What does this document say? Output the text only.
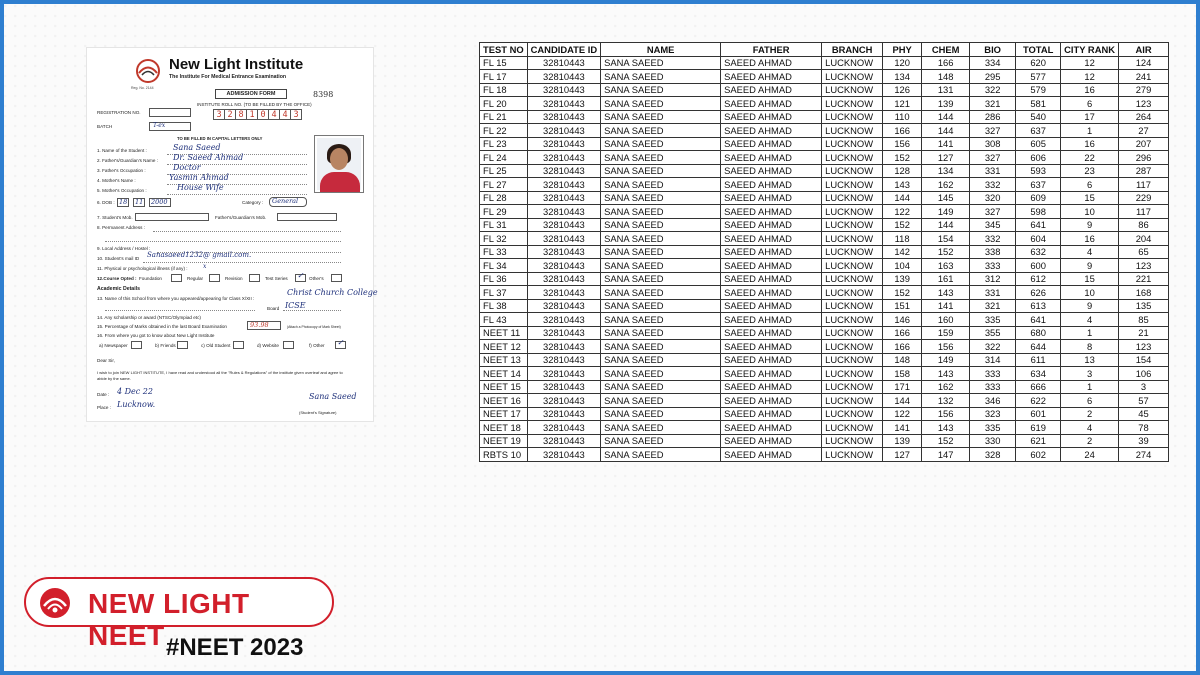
Reg. No. 2144
New Light Institute
The Institute For Medical Entrance Examination
8398
ADMISSION FORM
REGISTRATION NO.
INSTITUTE ROLL NO. (TO BE FILLED BY THE OFFICE)
3 2 8 1 0 4 4 3
BATCH	T-ex
TO BE FILLED IN CAPITAL LETTERS ONLY
1. Name of the Student :	Sana Saeed
2. Father's/Guardian's Name : Dr. Saeed Ahmad
3. Father's Occupation :	Doctor
4. Mother's Name :	Yasmin Ahmad
5. Mother's Occupation :	House Wife
6. DOB : 18 11 2000	Category : General
7. Student's Mob.	Father's/Guardian's Mob.
8. Permanent Address :
9. Local Address / Hostel :
10. Student's mail ID Sanasaeed1232@ gmail.com.
11. Physical or psychological illness (if any) :	x
12.Course Opted : Foundation	Regular	Revision	Test Series ✓ Other's
Academic Details
13. Name of this School from where you appeared/appearing for Class X/XII :
Christ Church College
Board ICSE
14. Any scholarship or award (NTSC/Olympiad etc)
15. Percentage of Marks obtained in the last Board Examination	93.98	(Attach a Photocopy of Mark Sheet)
16. From where you got to know about New Light Institute
a) Newspaper	b) Friends	c) Old Student	d) Website	f) Other ✓
Dear Sir,
I wish to join NEW LIGHT INSTITUTE, I have read and understood all the "Rules & Regulations" of the institute given overleaf and agree to abide by the same.
Date : 4 Dec 22
Place : Lucknow.
Sana Saeed
(Student's Signature)
TEST NO	CANDIDATE ID	NAME	FATHER	BRANCH	PHY	CHEM	BIO	TOTAL	CITY RANK	AIR
FL 15	32810443	SANA SAEED	SAEED AHMAD	LUCKNOW	120	166	334	620	12	124
FL 17	32810443	SANA SAEED	SAEED AHMAD	LUCKNOW	134	148	295	577	12	241
FL 18	32810443	SANA SAEED	SAEED AHMAD	LUCKNOW	126	131	322	579	16	279
FL 20	32810443	SANA SAEED	SAEED AHMAD	LUCKNOW	121	139	321	581	6	123
FL 21	32810443	SANA SAEED	SAEED AHMAD	LUCKNOW	110	144	286	540	17	264
FL 22	32810443	SANA SAEED	SAEED AHMAD	LUCKNOW	166	144	327	637	1	27
FL 23	32810443	SANA SAEED	SAEED AHMAD	LUCKNOW	156	141	308	605	16	207
FL 24	32810443	SANA SAEED	SAEED AHMAD	LUCKNOW	152	127	327	606	22	296
FL 25	32810443	SANA SAEED	SAEED AHMAD	LUCKNOW	128	134	331	593	23	287
FL 27	32810443	SANA SAEED	SAEED AHMAD	LUCKNOW	143	162	332	637	6	117
FL 28	32810443	SANA SAEED	SAEED AHMAD	LUCKNOW	144	145	320	609	15	229
FL 29	32810443	SANA SAEED	SAEED AHMAD	LUCKNOW	122	149	327	598	10	117
FL 31	32810443	SANA SAEED	SAEED AHMAD	LUCKNOW	152	144	345	641	9	86
FL 32	32810443	SANA SAEED	SAEED AHMAD	LUCKNOW	118	154	332	604	16	204
FL 33	32810443	SANA SAEED	SAEED AHMAD	LUCKNOW	142	152	338	632	4	65
FL 34	32810443	SANA SAEED	SAEED AHMAD	LUCKNOW	104	163	333	600	9	123
FL 36	32810443	SANA SAEED	SAEED AHMAD	LUCKNOW	139	161	312	612	15	221
FL 37	32810443	SANA SAEED	SAEED AHMAD	LUCKNOW	152	143	331	626	10	168
FL 38	32810443	SANA SAEED	SAEED AHMAD	LUCKNOW	151	141	321	613	9	135
FL 43	32810443	SANA SAEED	SAEED AHMAD	LUCKNOW	146	160	335	641	4	85
NEET 11	32810443	SANA SAEED	SAEED AHMAD	LUCKNOW	166	159	355	680	1	21
NEET 12	32810443	SANA SAEED	SAEED AHMAD	LUCKNOW	166	156	322	644	8	123
NEET 13	32810443	SANA SAEED	SAEED AHMAD	LUCKNOW	148	149	314	611	13	154
NEET 14	32810443	SANA SAEED	SAEED AHMAD	LUCKNOW	158	143	333	634	3	106
NEET 15	32810443	SANA SAEED	SAEED AHMAD	LUCKNOW	171	162	333	666	1	3
NEET 16	32810443	SANA SAEED	SAEED AHMAD	LUCKNOW	144	132	346	622	6	57
NEET 17	32810443	SANA SAEED	SAEED AHMAD	LUCKNOW	122	156	323	601	2	45
NEET 18	32810443	SANA SAEED	SAEED AHMAD	LUCKNOW	141	143	335	619	4	78
NEET 19	32810443	SANA SAEED	SAEED AHMAD	LUCKNOW	139	152	330	621	2	39
RBTS 10	32810443	SANA SAEED	SAEED AHMAD	LUCKNOW	127	147	328	602	24	274
NEW LIGHT NEET #NEET 2023
